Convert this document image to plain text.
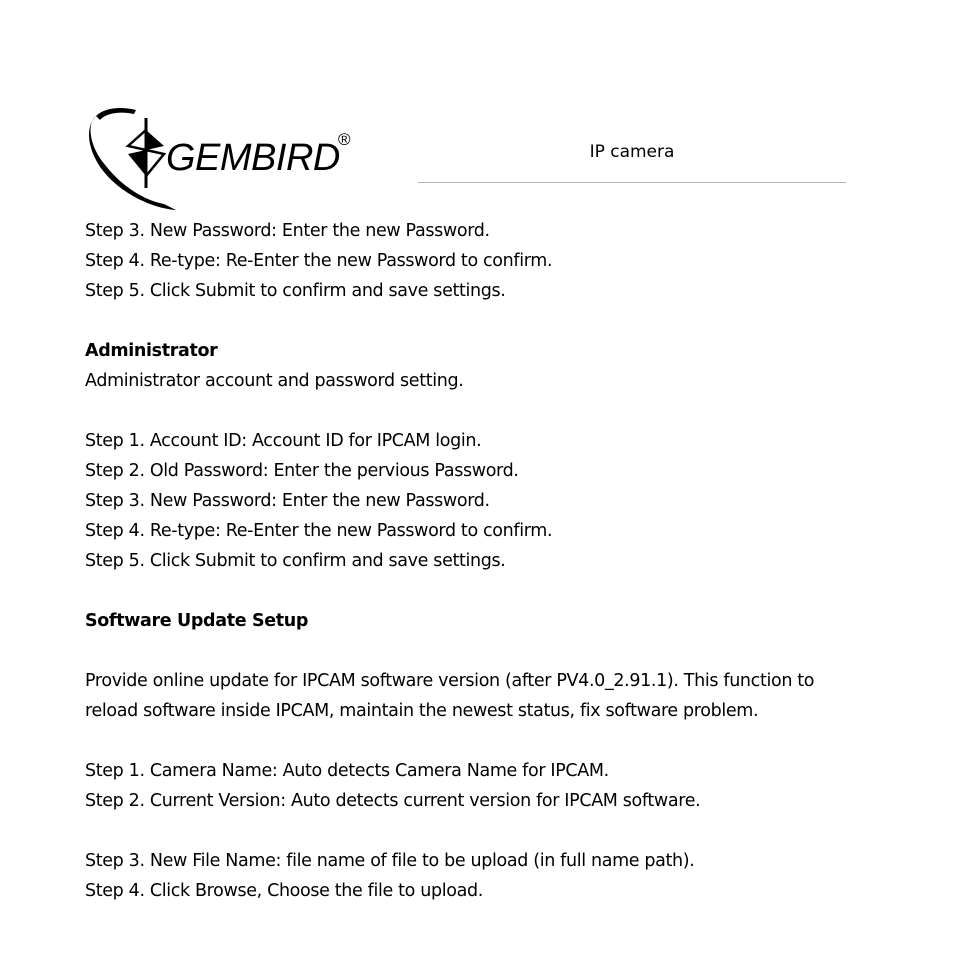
GEMBIRD
®
IP camera

Step 3. New Password: Enter the new Password.

Step 4. Re-type: Re-Enter the new Password to confirm.

Step 5. Click Submit to confirm and save settings.

Administrator

Administrator account and password setting.

Step 1. Account ID: Account ID for IPCAM login.

Step 2. Old Password: Enter the pervious Password.

Step 3. New Password: Enter the new Password.

Step 4. Re-type: Re-Enter the new Password to confirm.

Step 5. Click Submit to confirm and save settings.

Software Update Setup

Provide online update for IPCAM software version (after PV4.0_2.91.1). This function to

reload software inside IPCAM, maintain the newest status, fix software problem.

Step 1. Camera Name: Auto detects Camera Name for IPCAM.

Step 2. Current Version: Auto detects current version for IPCAM software.

Step 3. New File Name: file name of file to be upload (in full name path).

Step 4. Click Browse, Choose the file to upload.
